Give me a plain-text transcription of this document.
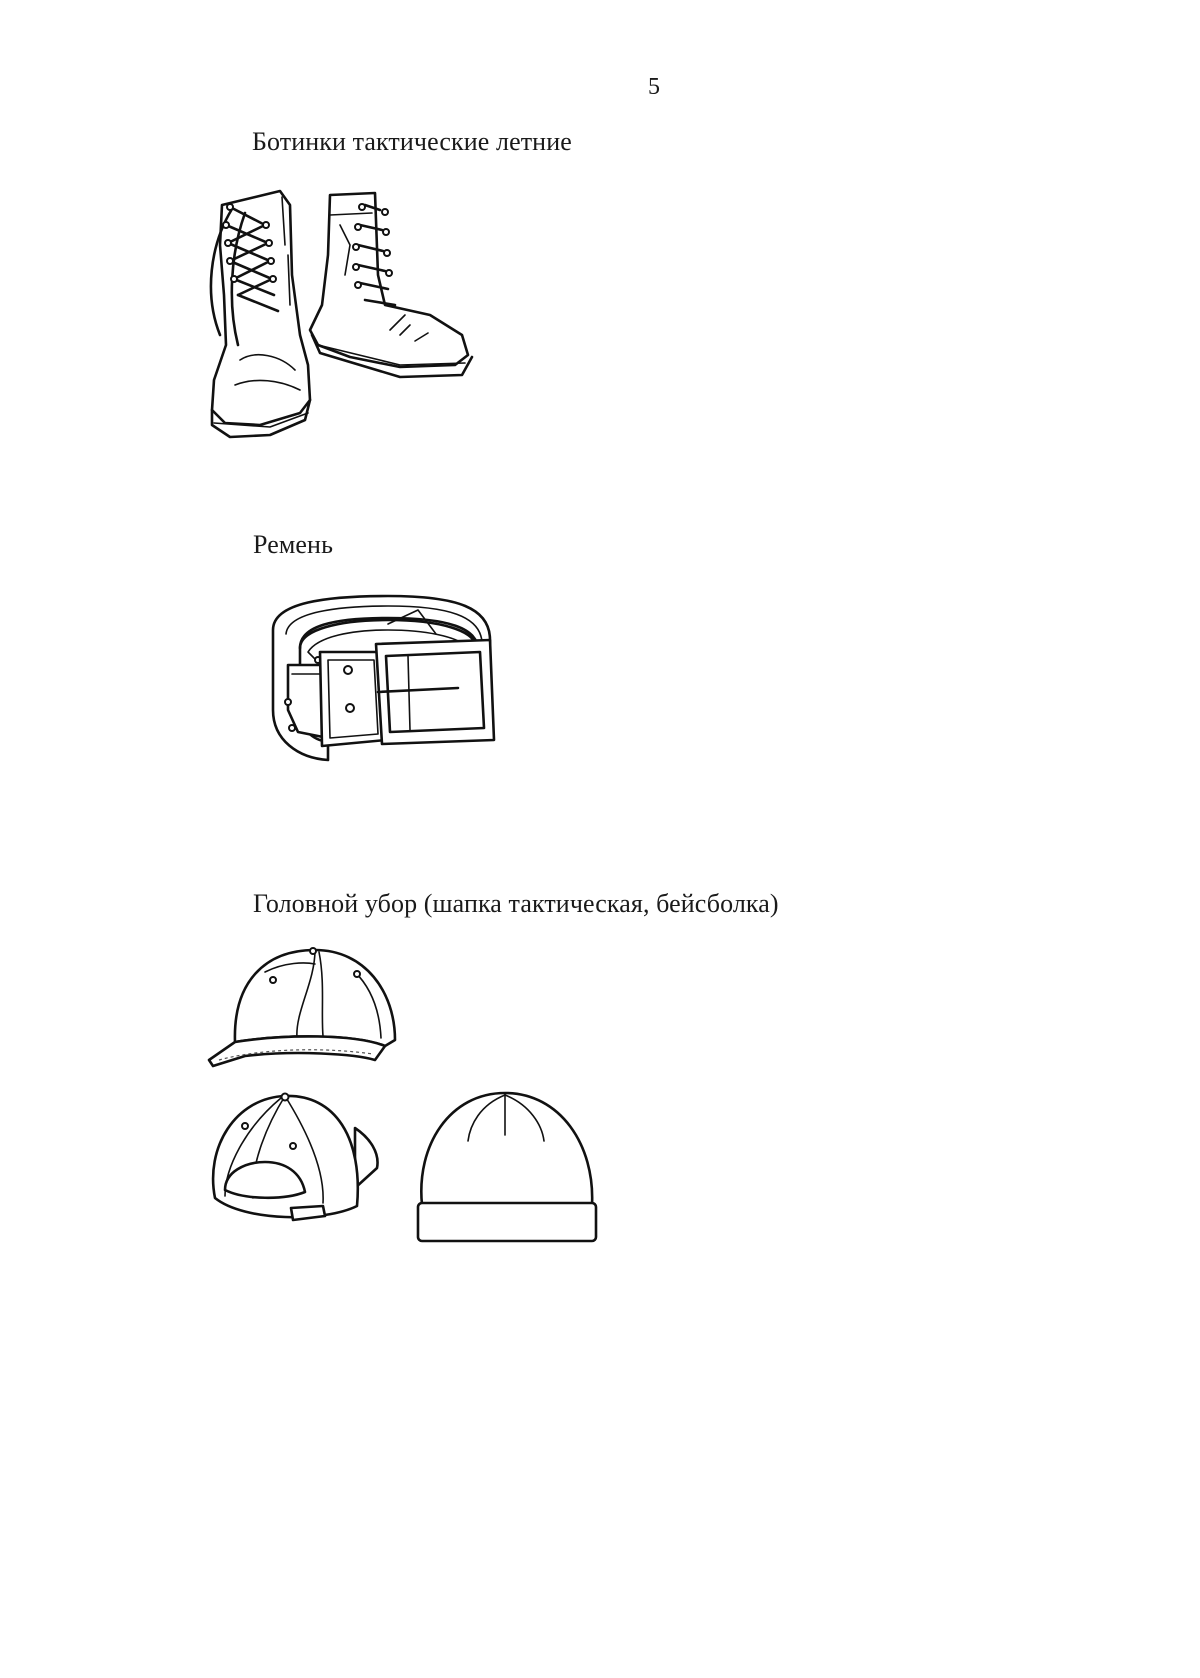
5
Ботинки тактические летние
Ремень
Головной убор (шапка тактическая, бейсболка)
